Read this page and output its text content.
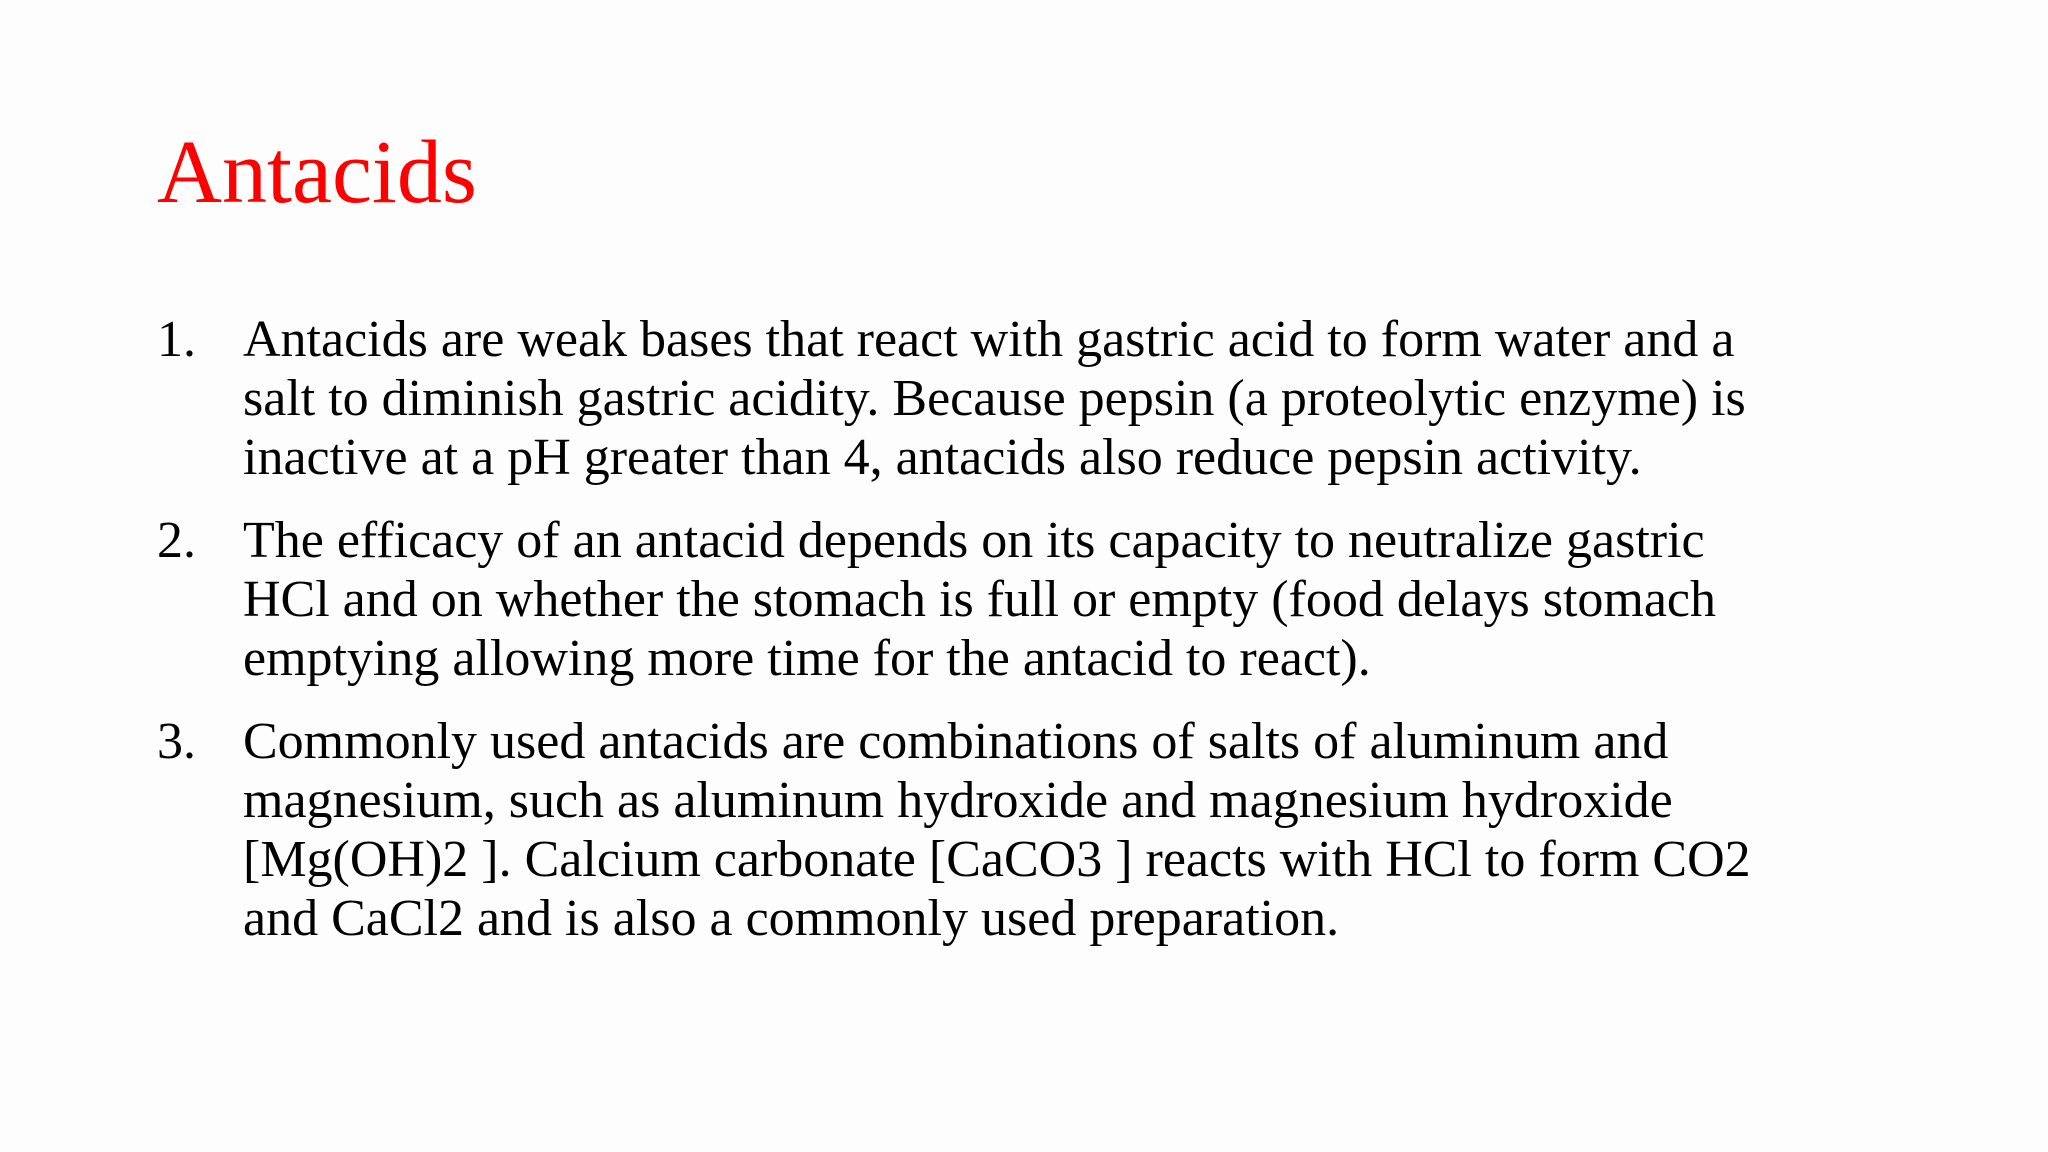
Antacids
1. Antacids are weak bases that react with gastric acid to form water and a
salt to diminish gastric acidity. Because pepsin (a proteolytic enzyme) is
inactive at a pH greater than 4, antacids also reduce pepsin activity.
2. The efficacy of an antacid depends on its capacity to neutralize gastric
HCl and on whether the stomach is full or empty (food delays stomach
emptying allowing more time for the antacid to react).
3. Commonly used antacids are combinations of salts of aluminum and
magnesium, such as aluminum hydroxide and magnesium hydroxide
[Mg(OH)2 ]. Calcium carbonate [CaCO3 ] reacts with HCl to form CO2
and CaCl2 and is also a commonly used preparation.
